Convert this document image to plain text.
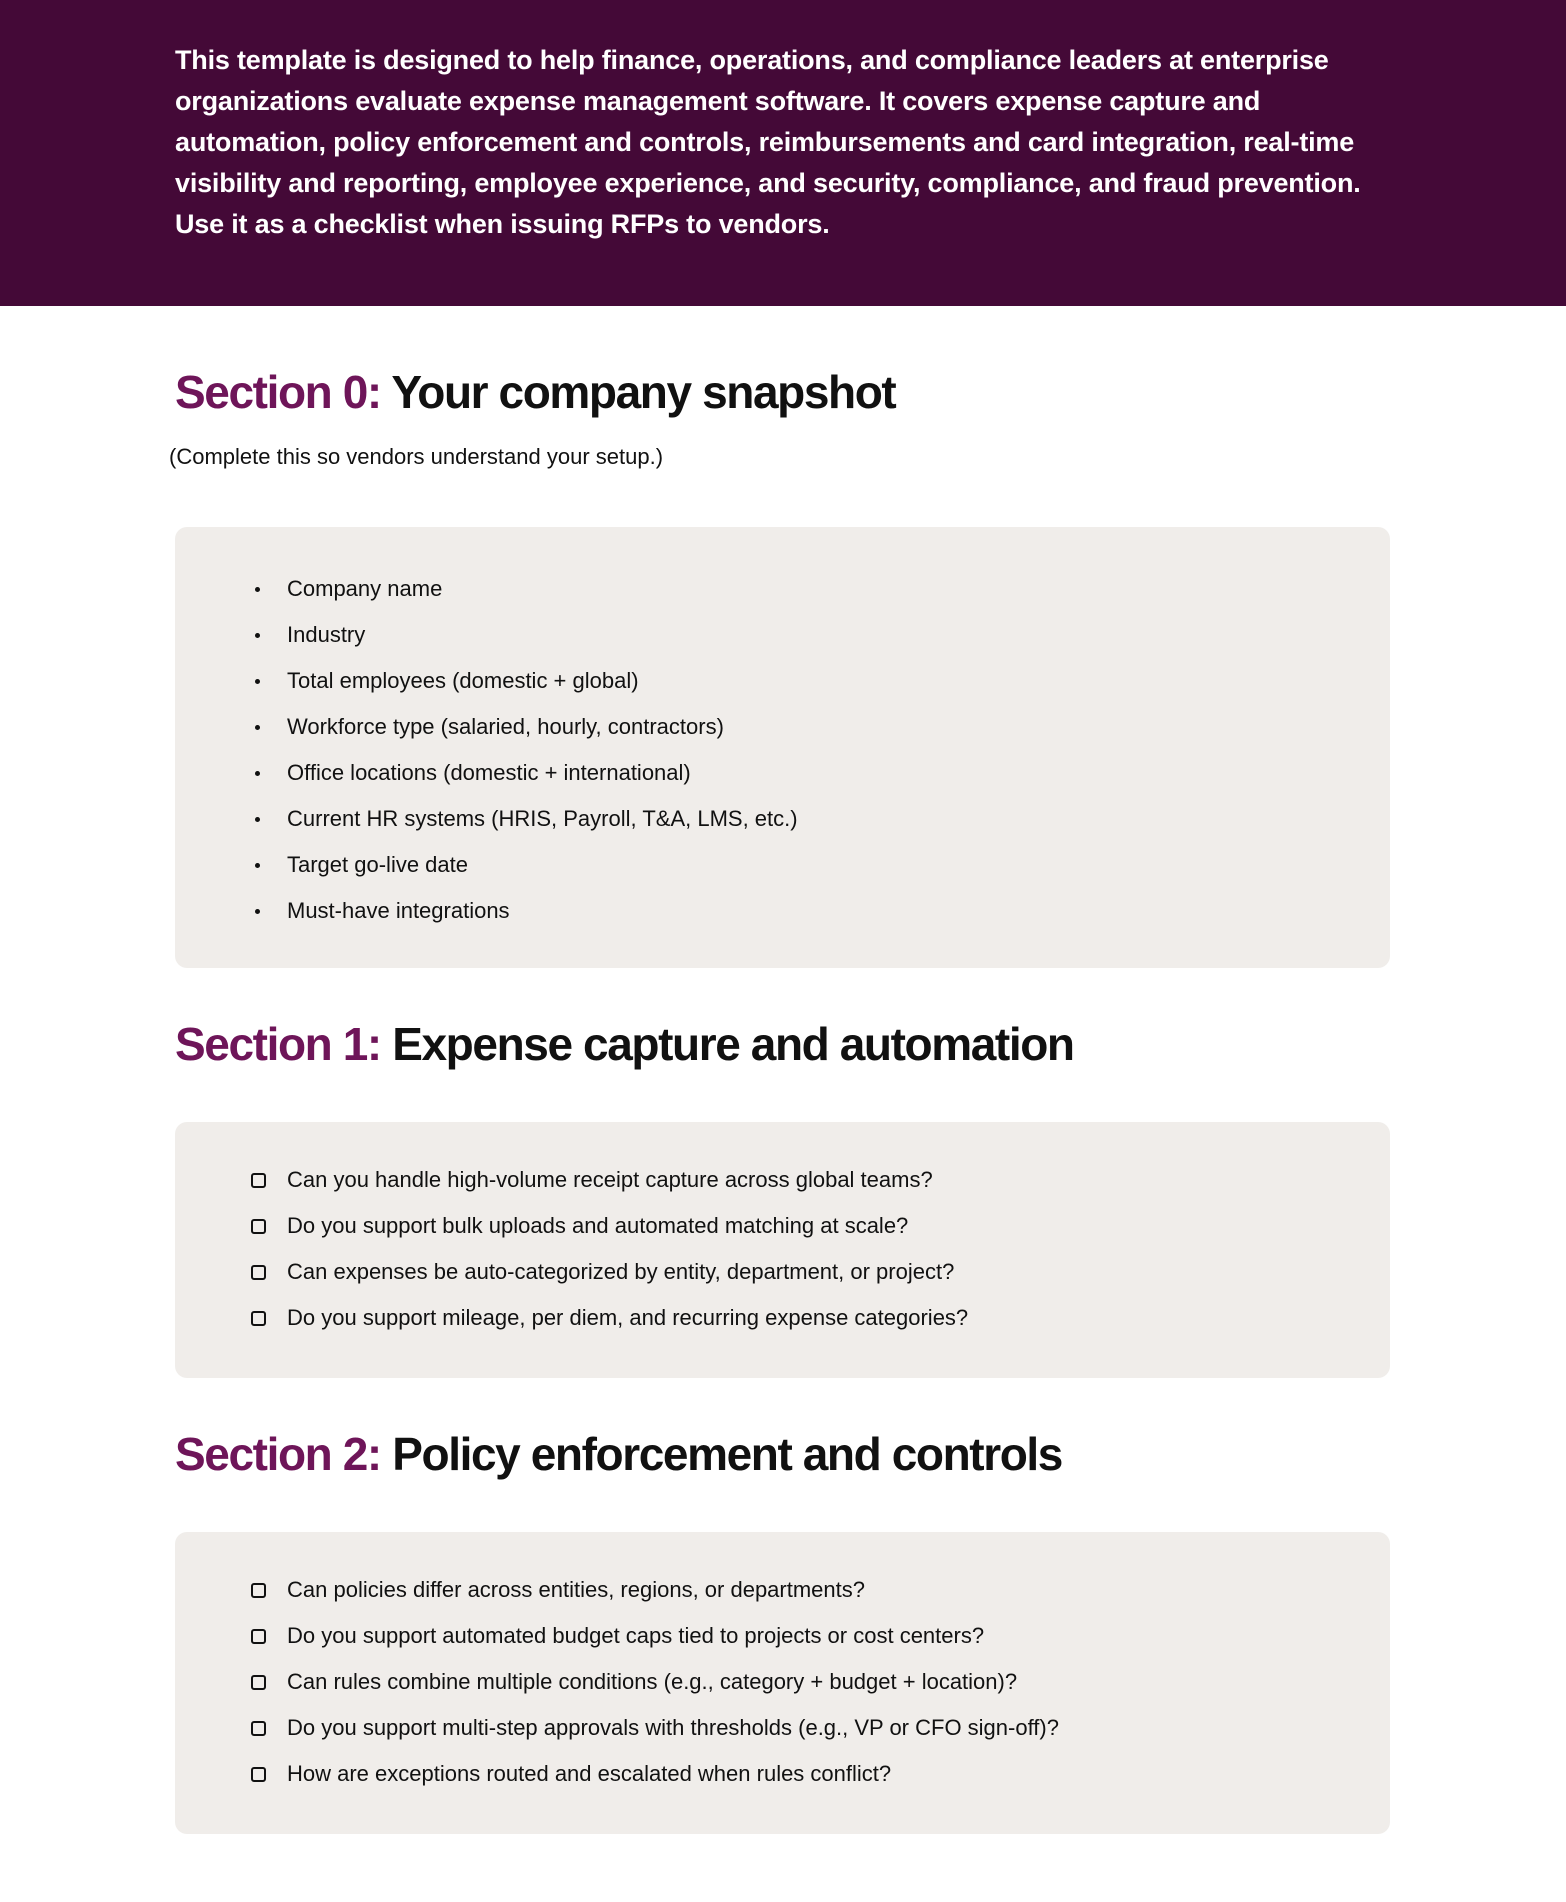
This template is designed to help finance, operations, and compliance leaders at enterprise organizations evaluate expense management software. It covers expense capture and automation, policy enforcement and controls, reimbursements and card integration, real-time visibility and reporting, employee experience, and security, compliance, and fraud prevention. Use it as a checklist when issuing RFPs to vendors.

Section 0: Your company snapshot
(Complete this so vendors understand your setup.)
Company name
Industry
Total employees (domestic + global)
Workforce type (salaried, hourly, contractors)
Office locations (domestic + international)
Current HR systems (HRIS, Payroll, T&A, LMS, etc.)
Target go-live date
Must-have integrations
Section 1: Expense capture and automation
Can you handle high-volume receipt capture across global teams?
Do you support bulk uploads and automated matching at scale?
Can expenses be auto-categorized by entity, department, or project?
Do you support mileage, per diem, and recurring expense categories?
Section 2: Policy enforcement and controls
Can policies differ across entities, regions, or departments?
Do you support automated budget caps tied to projects or cost centers?
Can rules combine multiple conditions (e.g., category + budget + location)?
Do you support multi-step approvals with thresholds (e.g., VP or CFO sign-off)?
How are exceptions routed and escalated when rules conflict?
